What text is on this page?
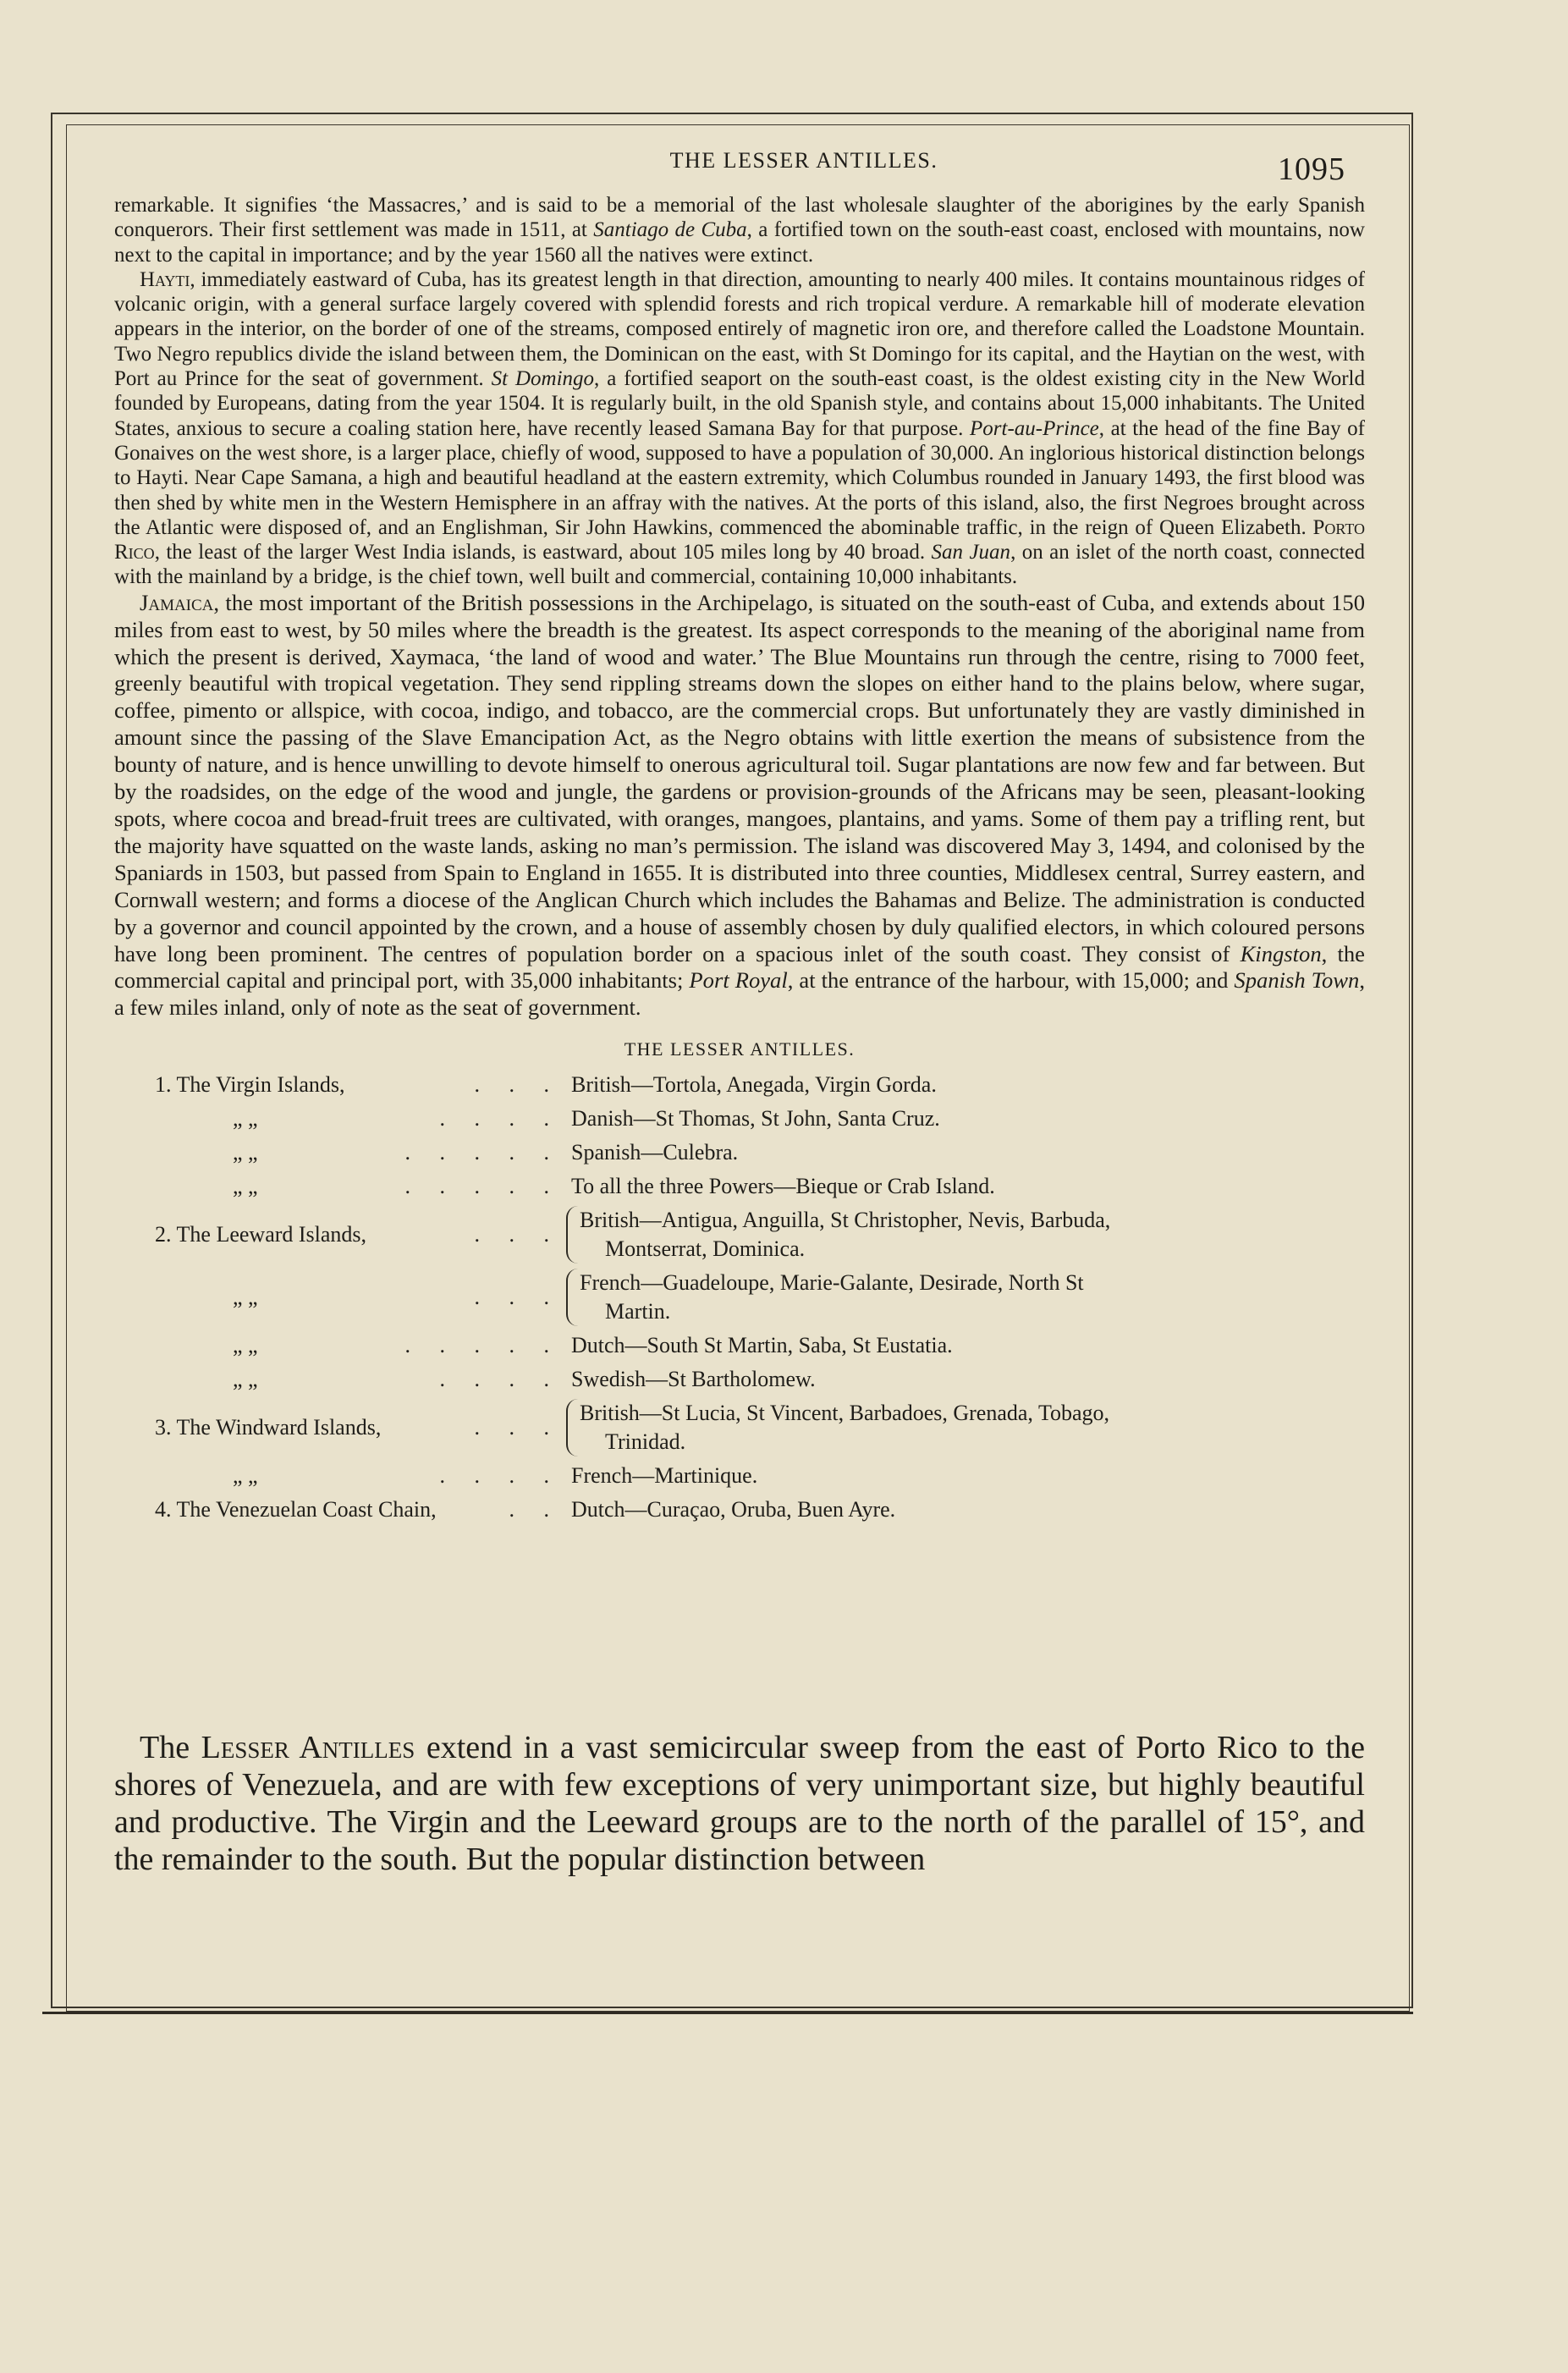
THE LESSER ANTILLES.	1095

remarkable. It signifies ‘the Massacres,’ and is said to be a memorial of the last wholesale slaughter of the aborigines by the early Spanish conquerors. Their first settlement was made in 1511, at Santiago de Cuba, a fortified town on the south-east coast, enclosed with mountains, now next to the capital in importance; and by the year 1560 all the natives were extinct.

Hayti, immediately eastward of Cuba, has its greatest length in that direction, amounting to nearly 400 miles. It contains mountainous ridges of volcanic origin, with a general surface largely covered with splendid forests and rich tropical verdure. A remarkable hill of moderate elevation appears in the interior, on the border of one of the streams, composed entirely of magnetic iron ore, and therefore called the Loadstone Mountain. Two Negro republics divide the island between them, the Dominican on the east, with St Domingo for its capital, and the Haytian on the west, with Port au Prince for the seat of government. St Domingo, a fortified seaport on the south-east coast, is the oldest existing city in the New World founded by Europeans, dating from the year 1504. It is regularly built, in the old Spanish style, and contains about 15,000 inhabitants. The United States, anxious to secure a coaling station here, have recently leased Samana Bay for that purpose. Port-au-Prince, at the head of the fine Bay of Gonaives on the west shore, is a larger place, chiefly of wood, supposed to have a population of 30,000. An inglorious historical distinction belongs to Hayti. Near Cape Samana, a high and beautiful headland at the eastern extremity, which Columbus rounded in January 1493, the first blood was then shed by white men in the Western Hemisphere in an affray with the natives. At the ports of this island, also, the first Negroes brought across the Atlantic were disposed of, and an Englishman, Sir John Hawkins, commenced the abominable traffic, in the reign of Queen Elizabeth. Porto Rico, the least of the larger West India islands, is eastward, about 105 miles long by 40 broad. San Juan, on an islet of the north coast, connected with the mainland by a bridge, is the chief town, well built and commercial, containing 10,000 inhabitants.

Jamaica, the most important of the British possessions in the Archipelago, is situated on the south-east of Cuba, and extends about 150 miles from east to west, by 50 miles where the breadth is the greatest. Its aspect corresponds to the meaning of the aboriginal name from which the present is derived, Xaymaca, ‘the land of wood and water.’ The Blue Mountains run through the centre, rising to 7000 feet, greenly beautiful with tropical vegetation. They send rippling streams down the slopes on either hand to the plains below, where sugar, coffee, pimento or allspice, with cocoa, indigo, and tobacco, are the commercial crops. But unfortunately they are vastly diminished in amount since the passing of the Slave Emancipation Act, as the Negro obtains with little exertion the means of subsistence from the bounty of nature, and is hence unwilling to devote himself to onerous agricultural toil. Sugar plantations are now few and far between. But by the roadsides, on the edge of the wood and jungle, the gardens or provision-grounds of the Africans may be seen, pleasant-looking spots, where cocoa and bread-fruit trees are cultivated, with oranges, mangoes, plantains, and yams. Some of them pay a trifling rent, but the majority have squatted on the waste lands, asking no man’s permission. The island was discovered May 3, 1494, and colonised by the Spaniards in 1503, but passed from Spain to England in 1655. It is distributed into three counties, Middlesex central, Surrey eastern, and Cornwall western; and forms a diocese of the Anglican Church which includes the Bahamas and Belize. The administration is conducted by a governor and council appointed by the crown, and a house of assembly chosen by duly qualified electors, in which coloured persons have long been prominent. The centres of population border on a spacious inlet of the south coast. They consist of Kingston, the commercial capital and principal port, with 35,000 inhabitants; Port Royal, at the entrance of the harbour, with 15,000; and Spanish Town, a few miles inland, only of note as the seat of government.

THE LESSER ANTILLES.
1. The Virgin Islands,	. . . British—Tortola, Anegada, Virgin Gorda.
„ „	. . . . Danish—St Thomas, St John, Santa Cruz.
„ „	. . . . . Spanish—Culebra.
„ „	. . . . . To all the three Powers—Bieque or Crab Island.
2. The Leeward Islands,	. . .
British—Antigua, Anguilla, St Christopher, Nevis, Barbuda,
Montserrat, Dominica.
„ „	. . .
French—Guadeloupe, Marie-Galante, Desirade, North St
Martin.
„ „	. . . . . Dutch—South St Martin, Saba, St Eustatia.
„ „	. . . . Swedish—St Bartholomew.
3. The Windward Islands,	. . .
British—St Lucia, St Vincent, Barbadoes, Grenada, Tobago,
Trinidad.
„ „	. . . . French—Martinique.
4. The Venezuelan Coast Chain,	. . Dutch—Curaçao, Oruba, Buen Ayre.

The Lesser Antilles extend in a vast semicircular sweep from the east of Porto Rico to the shores of Venezuela, and are with few exceptions of very unimportant size, but highly beautiful and productive. The Virgin and the Leeward groups are to the north of the parallel of 15°, and the remainder to the south. But the popular distinction between
